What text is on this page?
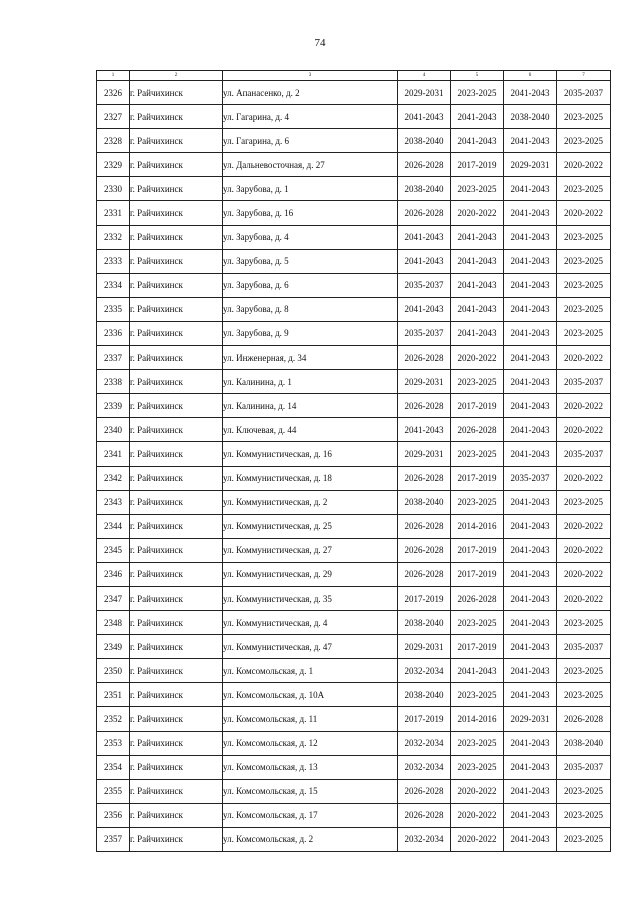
74
1	2	3	4	5	6	7
2326	г. Райчихинск	ул. Апанасенко, д. 2	2029-2031	2023-2025	2041-2043	2035-2037
2327	г. Райчихинск	ул. Гагарина, д. 4	2041-2043	2041-2043	2038-2040	2023-2025
2328	г. Райчихинск	ул. Гагарина, д. 6	2038-2040	2041-2043	2041-2043	2023-2025
2329	г. Райчихинск	ул. Дальневосточная, д. 27	2026-2028	2017-2019	2029-2031	2020-2022
2330	г. Райчихинск	ул. Зарубова, д. 1	2038-2040	2023-2025	2041-2043	2023-2025
2331	г. Райчихинск	ул. Зарубова, д. 16	2026-2028	2020-2022	2041-2043	2020-2022
2332	г. Райчихинск	ул. Зарубова, д. 4	2041-2043	2041-2043	2041-2043	2023-2025
2333	г. Райчихинск	ул. Зарубова, д. 5	2041-2043	2041-2043	2041-2043	2023-2025
2334	г. Райчихинск	ул. Зарубова, д. 6	2035-2037	2041-2043	2041-2043	2023-2025
2335	г. Райчихинск	ул. Зарубова, д. 8	2041-2043	2041-2043	2041-2043	2023-2025
2336	г. Райчихинск	ул. Зарубова, д. 9	2035-2037	2041-2043	2041-2043	2023-2025
2337	г. Райчихинск	ул. Инженерная, д. 34	2026-2028	2020-2022	2041-2043	2020-2022
2338	г. Райчихинск	ул. Калинина, д. 1	2029-2031	2023-2025	2041-2043	2035-2037
2339	г. Райчихинск	ул. Калинина, д. 14	2026-2028	2017-2019	2041-2043	2020-2022
2340	г. Райчихинск	ул. Ключевая, д. 44	2041-2043	2026-2028	2041-2043	2020-2022
2341	г. Райчихинск	ул. Коммунистическая, д. 16	2029-2031	2023-2025	2041-2043	2035-2037
2342	г. Райчихинск	ул. Коммунистическая, д. 18	2026-2028	2017-2019	2035-2037	2020-2022
2343	г. Райчихинск	ул. Коммунистическая, д. 2	2038-2040	2023-2025	2041-2043	2023-2025
2344	г. Райчихинск	ул. Коммунистическая, д. 25	2026-2028	2014-2016	2041-2043	2020-2022
2345	г. Райчихинск	ул. Коммунистическая, д. 27	2026-2028	2017-2019	2041-2043	2020-2022
2346	г. Райчихинск	ул. Коммунистическая, д. 29	2026-2028	2017-2019	2041-2043	2020-2022
2347	г. Райчихинск	ул. Коммунистическая, д. 35	2017-2019	2026-2028	2041-2043	2020-2022
2348	г. Райчихинск	ул. Коммунистическая, д. 4	2038-2040	2023-2025	2041-2043	2023-2025
2349	г. Райчихинск	ул. Коммунистическая, д. 47	2029-2031	2017-2019	2041-2043	2035-2037
2350	г. Райчихинск	ул. Комсомольская, д. 1	2032-2034	2041-2043	2041-2043	2023-2025
2351	г. Райчихинск	ул. Комсомольская, д. 10А	2038-2040	2023-2025	2041-2043	2023-2025
2352	г. Райчихинск	ул. Комсомольская, д. 11	2017-2019	2014-2016	2029-2031	2026-2028
2353	г. Райчихинск	ул. Комсомольская, д. 12	2032-2034	2023-2025	2041-2043	2038-2040
2354	г. Райчихинск	ул. Комсомольская, д. 13	2032-2034	2023-2025	2041-2043	2035-2037
2355	г. Райчихинск	ул. Комсомольская, д. 15	2026-2028	2020-2022	2041-2043	2023-2025
2356	г. Райчихинск	ул. Комсомольская, д. 17	2026-2028	2020-2022	2041-2043	2023-2025
2357	г. Райчихинск	ул. Комсомольская, д. 2	2032-2034	2020-2022	2041-2043	2023-2025
